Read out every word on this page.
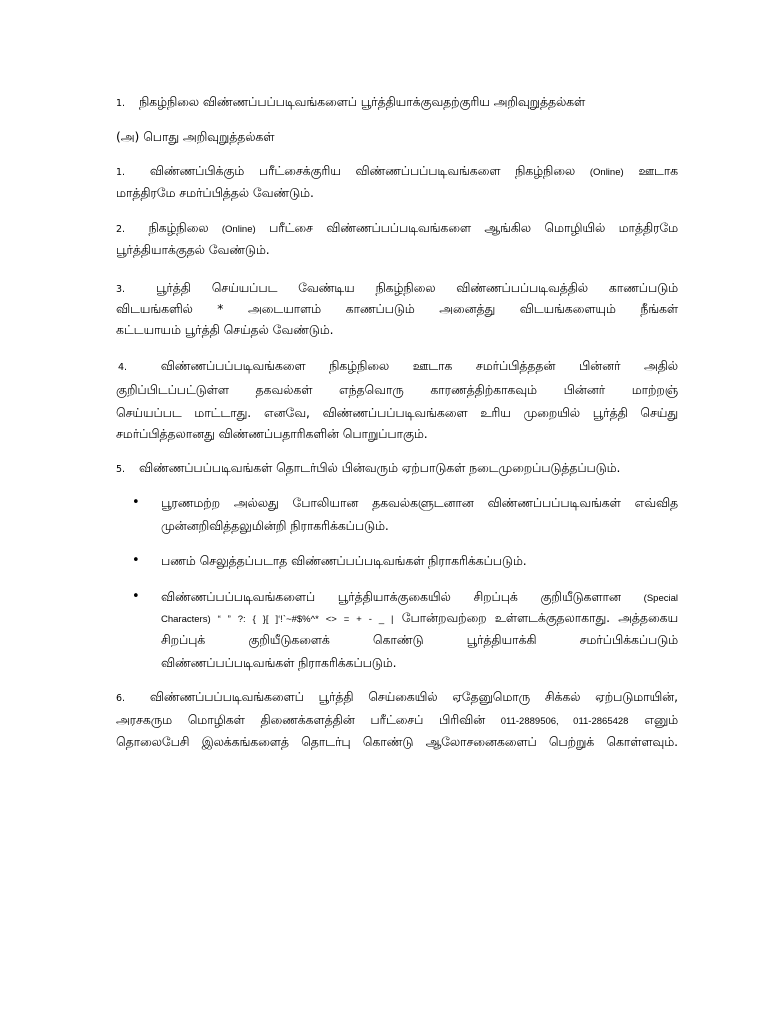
1. நிகழ்நிலை விண்ணப்பப்படிவங்களைப் பூர்த்தியாக்குவதற்குரிய அறிவுறுத்தல்கள்
(அ) பொது அறிவுறுத்தல்கள்
1. விண்ணப்பிக்கும் பரீட்சைக்குரிய விண்ணப்பப்படிவங்களை நிகழ்நிலை (Online) ஊடாக
மாத்திரமே சமர்ப்பித்தல் வேண்டும்.
2. நிகழ்நிலை (Online) பரீட்சை விண்ணப்பப்படிவங்களை ஆங்கில மொழியில் மாத்திரமே
பூர்த்தியாக்குதல் வேண்டும்.
3.	பூர்த்தி செய்யப்பட வேண்டிய நிகழ்நிலை விண்ணப்பப்படிவத்தில் காணப்படும்
விடயங்களில் * அடையாளம் காணப்படும் அனைத்து விடயங்களையும் நீங்கள்
கட்டயாயம் பூர்த்தி செய்தல் வேண்டும்.
4.	விண்ணப்பப்படிவங்களை நிகழ்நிலை ஊடாக சமர்ப்பித்ததன் பின்னர் அதில்
குறிப்பிடப்பட்டுள்ள தகவல்கள் எந்தவொரு காரணத்திற்காகவும் பின்னர் மாற்றஞ்
செய்யப்பட மாட்டாது. எனவே, விண்ணப்பப்படிவங்களை உரிய முறையில் பூர்த்தி செய்து
சமர்ப்பித்தலானது விண்ணப்பதாரிகளின் பொறுப்பாகும்.
5. விண்ணப்பப்படிவங்கள் தொடர்பில் பின்வரும் ஏற்பாடுகள் நடைமுறைப்படுத்தப்படும்.
• பூரணமற்ற அல்லது போலியான தகவல்களுடனான விண்ணப்பப்படிவங்கள் எவ்வித
முன்னறிவித்தலுமின்றி நிராகரிக்கப்படும்.
• பணம் செலுத்தப்படாத விண்ணப்பப்படிவங்கள் நிராகரிக்கப்படும்.
• விண்ணப்பப்படிவங்களைப் பூர்த்தியாக்குகையில் சிறப்புக் குறியீடுகளான (Special
Characters) “ ” ?: { }[ ]‘!`~#$%^* <> = + - _ | போன்றவற்றை உள்ளடக்குதலாகாது. அத்தகைய
சிறப்புக் குறியீடுகளைக் கொண்டு பூர்த்தியாக்கி சமர்ப்பிக்கப்படும்
விண்ணப்பப்படிவங்கள் நிராகரிக்கப்படும்.
6. விண்ணப்பப்படிவங்களைப் பூர்த்தி செய்கையில் ஏதேனுமொரு சிக்கல் ஏற்படுமாயின்,
அரசகரும மொழிகள் திணைக்களத்தின் பரீட்சைப் பிரிவின் 011-2889506, 011-2865428 எனும்
தொலைபேசி இலக்கங்களைத் தொடர்பு கொண்டு ஆலோசனைகளைப் பெற்றுக் கொள்ளவும்.
